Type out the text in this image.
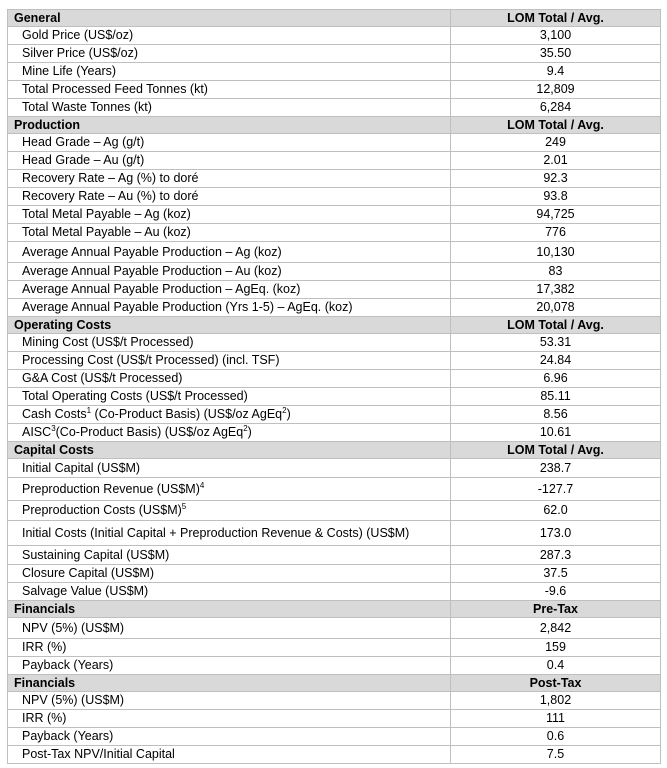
General	LOM Total / Avg.
Gold Price (US$/oz)	3,100
Silver Price (US$/oz)	35.50
Mine Life (Years)	9.4
Total Processed Feed Tonnes (kt)	12,809
Total Waste Tonnes (kt)	6,284
Production	LOM Total / Avg.
Head Grade – Ag (g/t)	249
Head Grade – Au (g/t)	2.01
Recovery Rate – Ag (%) to doré	92.3
Recovery Rate – Au (%) to doré	93.8
Total Metal Payable – Ag (koz)	94,725
Total Metal Payable – Au (koz)	776
Average Annual Payable Production – Ag (koz)	10,130
Average Annual Payable Production – Au (koz)	83
Average Annual Payable Production – AgEq. (koz)	17,382
Average Annual Payable Production (Yrs 1-5) – AgEq. (koz)	20,078
Operating Costs	LOM Total / Avg.
Mining Cost (US$/t Processed)	53.31
Processing Cost (US$/t Processed) (incl. TSF)	24.84
G&A Cost (US$/t Processed)	6.96
Total Operating Costs (US$/t Processed)	85.11
Cash Costs$^1$ (Co-Product Basis) (US$/oz AgEq$^2$)	8.56
AISC$^3$(Co-Product Basis) (US$/oz AgEq$^2$)	10.61
Capital Costs	LOM Total / Avg.
Initial Capital (US$M)	238.7
Preproduction Revenue (US$M)$^4$	-127.7
Preproduction Costs (US$M)$^5$	62.0
Initial Costs (Initial Capital + Preproduction Revenue & Costs) (US$M)	173.0
Sustaining Capital (US$M)	287.3
Closure Capital (US$M)	37.5
Salvage Value (US$M)	-9.6
Financials	Pre-Tax
NPV (5%) (US$M)	2,842
IRR (%)	159
Payback (Years)	0.4
Financials	Post-Tax
NPV (5%) (US$M)	1,802
IRR (%)	111
Payback (Years)	0.6
Post-Tax NPV/Initial Capital	7.5
